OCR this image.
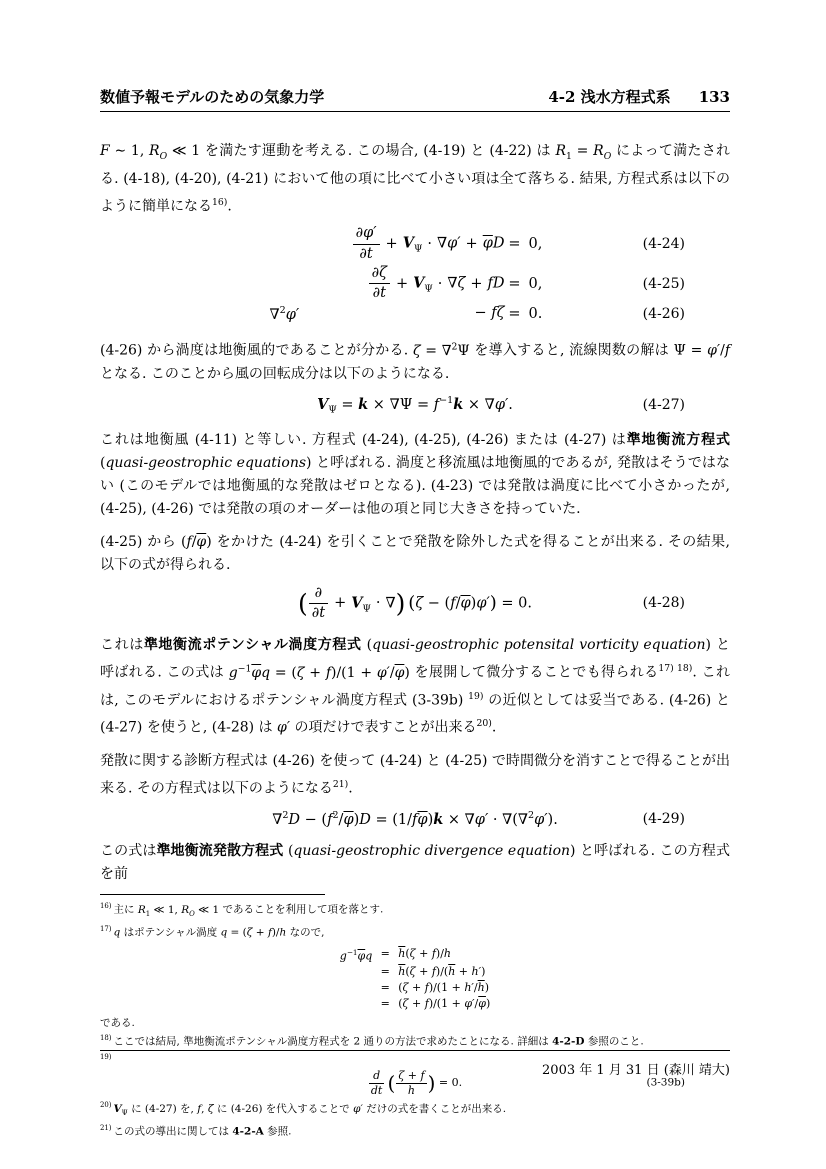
数値予報モデルのための気象力学	4-2 浅水方程式系 133

F ∼ 1, $R_O$ ≪ 1 を満たす運動を考える. この場合, (4-19) と (4-22) は $R_1 = R_O$ によって満たされる. (4-18), (4-20), (4-21) において他の項に比べて小さい項は全て落ちる. 結果, 方程式系は以下のように簡単になる$^{16)}$.

$\frac{\partial\varphi'}{\partial t} + V_\Psi \cdot \nabla\varphi' + \overline{\varphi}D = 0$,	(4-24)
$\frac{\partial\zeta}{\partial t} + V_\Psi \cdot \nabla\zeta$ + fD = 0,	(4-25)
∇$^2$φ′	− fζ = 0.	(4-26)

(4-26) から渦度は地衡風的であることが分かる. ζ = ∇$^2$Ψ を導入すると, 流線関数の解は Ψ = φ′/f となる. このことから風の回転成分は以下のようになる.

$V_\Psi = k \times \nabla\Psi = f^{-1}k \times \nabla\varphi'$.	(4-27)

これは地衡風 (4-11) と等しい. 方程式 (4-24), (4-25), (4-26) または (4-27) は準地衡流方程式 (quasi-geostrophic equations) と呼ばれる. 渦度と移流風は地衡風的であるが, 発散はそうではない (このモデルでは地衡風的な発散はゼロとなる). (4-23) では発散は渦度に比べて小さかったが, (4-25), (4-26) では発散の項のオーダーは他の項と同じ大きさを持っていた.

(4-25) から $(f/\overline{\varphi})$ をかけた (4-24) を引くことで発散を除外した式を得ることが出来る. その結果, 以下の式が得られる.

( $\frac{\partial}{\partial t} + V_\Psi$ · ∇)  $(\zeta - (f/\overline{\varphi})\varphi') = 0$.	(4-28)

これは準地衡流ポテンシャル渦度方程式 (quasi-geostrophic potensital vorticity equation) と呼ばれる. この式は $g^{-1}\overline{\varphi}q = (\zeta + f)/(1 + \varphi'/\overline{\varphi})$ を展開して微分することでも得られる$^{17) 18)}$. これは, このモデルにおけるポテンシャル渦度方程式 (3-39b) $^{19)}$ の近似としては妥当である. (4-26) と (4-27) を使うと, (4-28) は φ′ の項だけで表すことが出来る$^{20)}$.

発散に関する診断方程式は (4-26) を使って (4-24) と (4-25) で時間微分を消すことで得ることが出来る. その方程式は以下のようになる$^{21)}$.

$\nabla^2D - (f^2/\overline{\varphi})D = (1/f\overline{\varphi})k \times \nabla\varphi' \cdot \nabla(\nabla^2\varphi')$.	(4-29)

この式は準地衡流発散方程式 (quasi-geostrophic divergence equation) と呼ばれる. この方程式を前

$^{16)}$ 主に $R_1$ ≪ 1, $R_O$ ≪ 1 であることを利用して項を落とす.

$^{17)}$ q はポテンシャル渦度 q = (ζ + f)/h なので,

$g^{-1}\overline{\varphi}q = \overline{h}(\zeta + f)/h$
= $\overline{h}(\zeta + f)/(\overline{h} + h')$
= $(\zeta + f)/(1 + h'/\overline{h})$
= $(\zeta + f)/(1 + \varphi'/\overline{\varphi})$

である.

$^{18)}$ ここでは結局, 準地衡流ポテンシャル渦度方程式を 2 通りの方法で求めたことになる. 詳細は 4-2-D 参照のこと.

$^{19)}$

$\frac{d}{dt}$
  ( $\frac{\zeta + f}{h}$ ) = 0.	(3-39b)

$^{20)}$ $V_\Psi$ に (4-27) を, f, ζ に (4-26) を代入することで φ′ だけの式を書くことが出来る.

$^{21)}$ この式の導出に関しては 4-2-A 参照.

2003 年 1 月 31 日 (森川 靖大)
